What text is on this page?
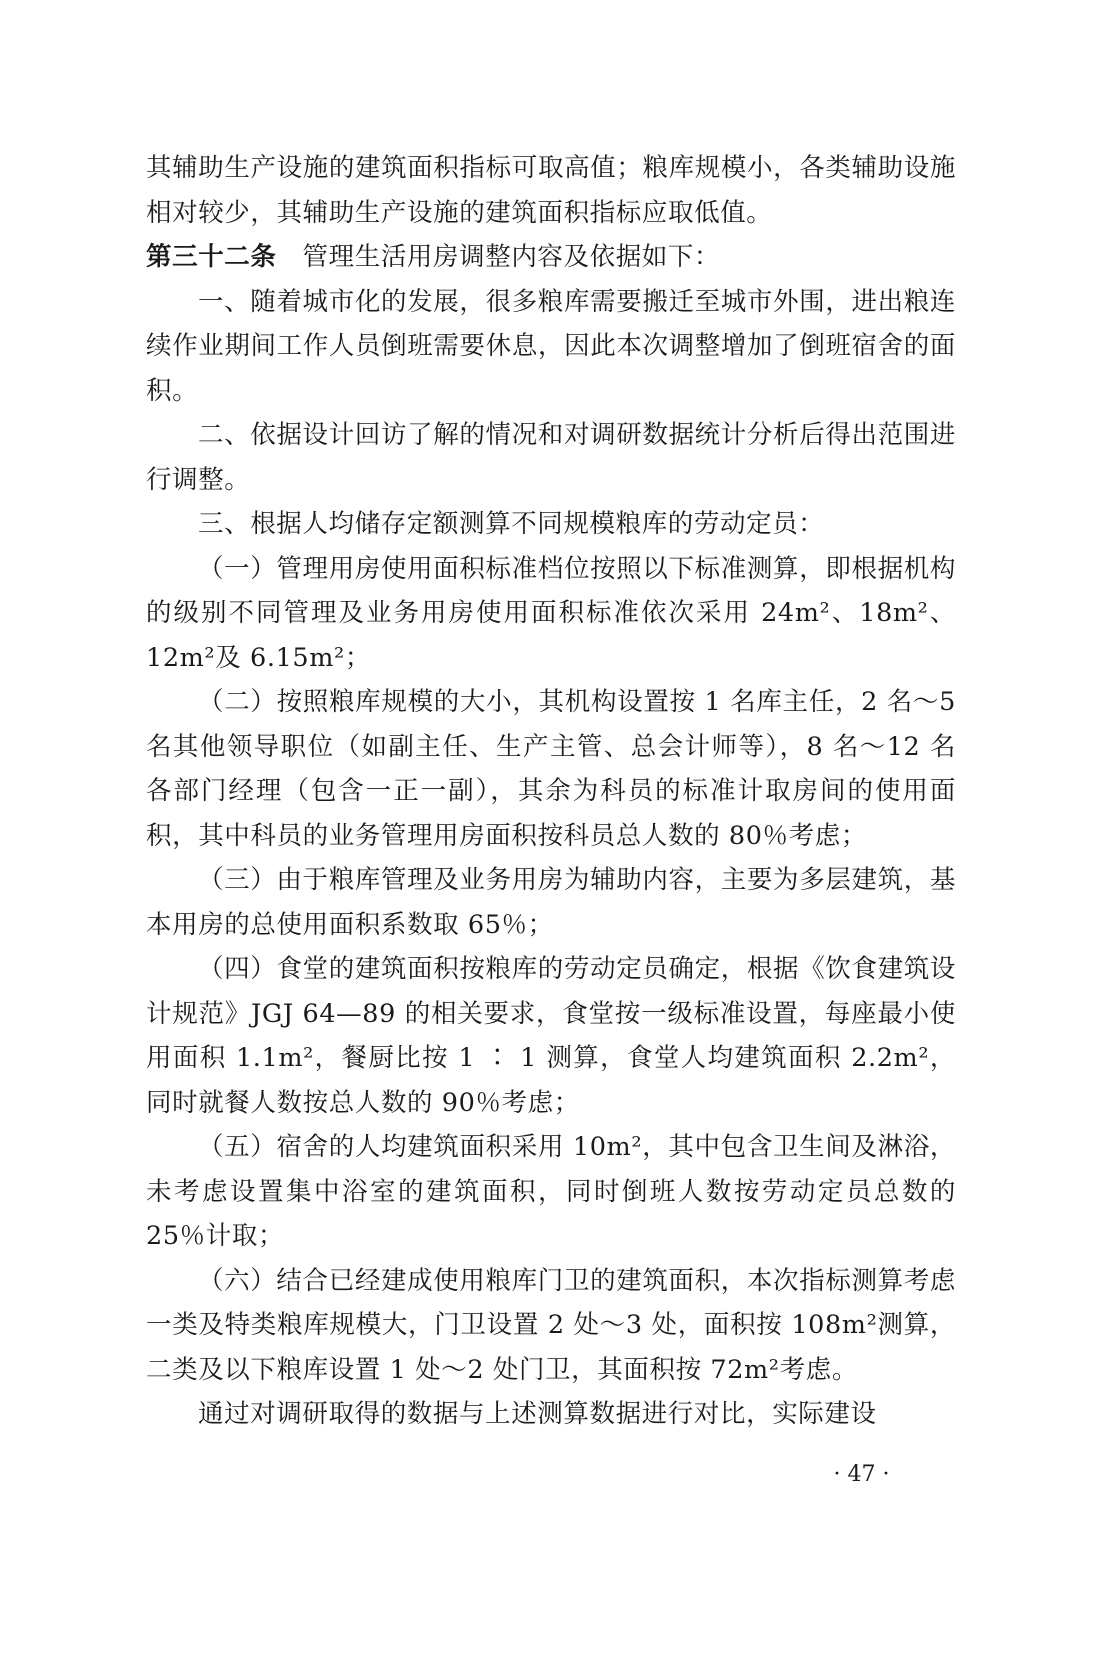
其辅助生产设施的建筑面积指标可取高值；粮库规模小，各类辅助设施相对较少，其辅助生产设施的建筑面积指标应取低值。

第三十二条 管理生活用房调整内容及依据如下：

一、随着城市化的发展，很多粮库需要搬迁至城市外围，进出粮连续作业期间工作人员倒班需要休息，因此本次调整增加了倒班宿舍的面积。

二、依据设计回访了解的情况和对调研数据统计分析后得出范围进行调整。

三、根据人均储存定额测算不同规模粮库的劳动定员：

（一）管理用房使用面积标准档位按照以下标准测算，即根据机构的级别不同管理及业务用房使用面积标准依次采用 24m²、18m²、12m²及 6.15m²；

（二）按照粮库规模的大小，其机构设置按 1 名库主任，2 名～5 名其他领导职位（如副主任、生产主管、总会计师等），8 名～12 名各部门经理（包含一正一副），其余为科员的标准计取房间的使用面积，其中科员的业务管理用房面积按科员总人数的 80％考虑；

（三）由于粮库管理及业务用房为辅助内容，主要为多层建筑，基本用房的总使用面积系数取 65％；

（四）食堂的建筑面积按粮库的劳动定员确定，根据《饮食建筑设计规范》JGJ 64—89 的相关要求，食堂按一级标准设置，每座最小使用面积 1.1m²，餐厨比按 1 ∶ 1 测算，食堂人均建筑面积 2.2m²，同时就餐人数按总人数的 90％考虑；

（五）宿舍的人均建筑面积采用 10m²，其中包含卫生间及淋浴，未考虑设置集中浴室的建筑面积，同时倒班人数按劳动定员总数的 25％计取；

（六）结合已经建成使用粮库门卫的建筑面积，本次指标测算考虑一类及特类粮库规模大，门卫设置 2 处～3 处，面积按 108m²测算，二类及以下粮库设置 1 处～2 处门卫，其面积按 72m²考虑。

通过对调研取得的数据与上述测算数据进行对比，实际建设

· 47 ·
